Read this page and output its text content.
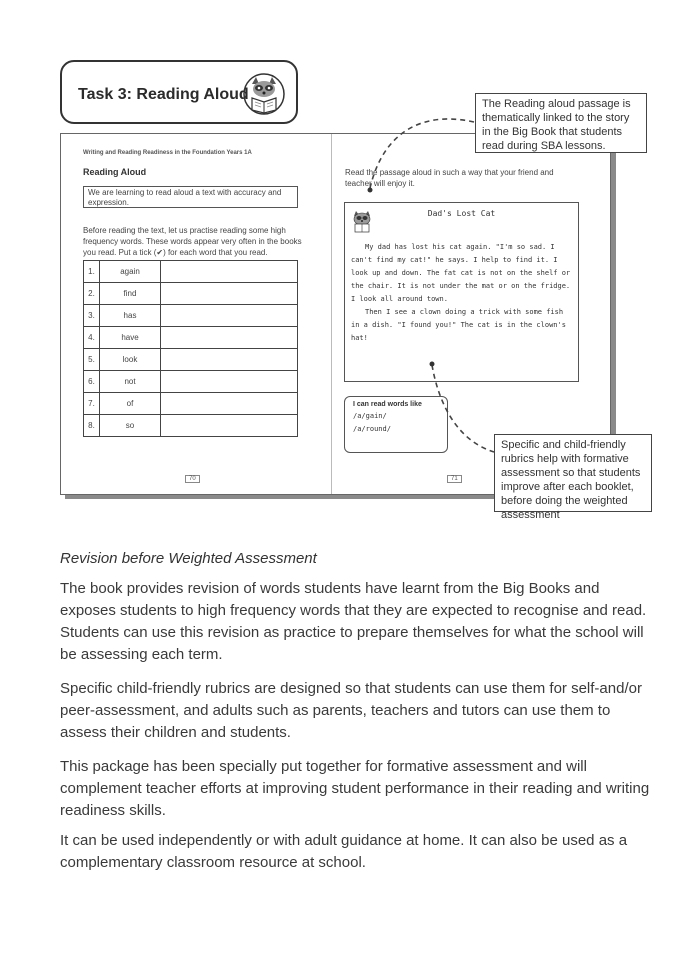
Task 3: Reading Aloud
Writing and Reading Readiness in the Foundation Years 1A
Reading Aloud
We are learning to read aloud a text with accuracy and expression.
Before reading the text, let us practise reading some high frequency words. These words appear very often in the books you read. Put a tick (✔) for each word that you read.
1.	again	
2.	find	
3.	has	
4.	have	
5.	look	
6.	not	
7.	of	
8.	so	
70
Read the passage aloud in such a way that your friend and teacher will enjoy it.
Dad's Lost Cat

My dad has lost his cat again. "I'm so sad. I can't find my cat!" he says. I help to find it. I look up and down. The fat cat is not on the shelf or the chair. It is not under the mat or on the fridge. I look all around town.

Then I see a clown doing a trick with some fish in a dish. "I found you!" The cat is in the clown's hat!

I can read words like
/a/gain/
/a/round/
71
The Reading aloud passage is thematically linked to the story in the Big Book that students read during SBA lessons.
Specific and child-friendly rubrics help with formative assessment so that students improve after each booklet, before doing the weighted assessment
Revision before Weighted Assessment

The book provides revision of words students have learnt from the Big Books and exposes students to high frequency words that they are expected to recognise and read. Students can use this revision as practice to prepare themselves for what the school will be assessing each term.

Specific child-friendly rubrics are designed so that students can use them for self-and/or peer-assessment, and adults such as parents, teachers and tutors can use them to assess their children and students.

This package has been specially put together for formative assessment and will complement teacher efforts at improving student performance in their reading and writing readiness skills.

It can be used independently or with adult guidance at home. It can also be used as a complementary classroom resource at school.
